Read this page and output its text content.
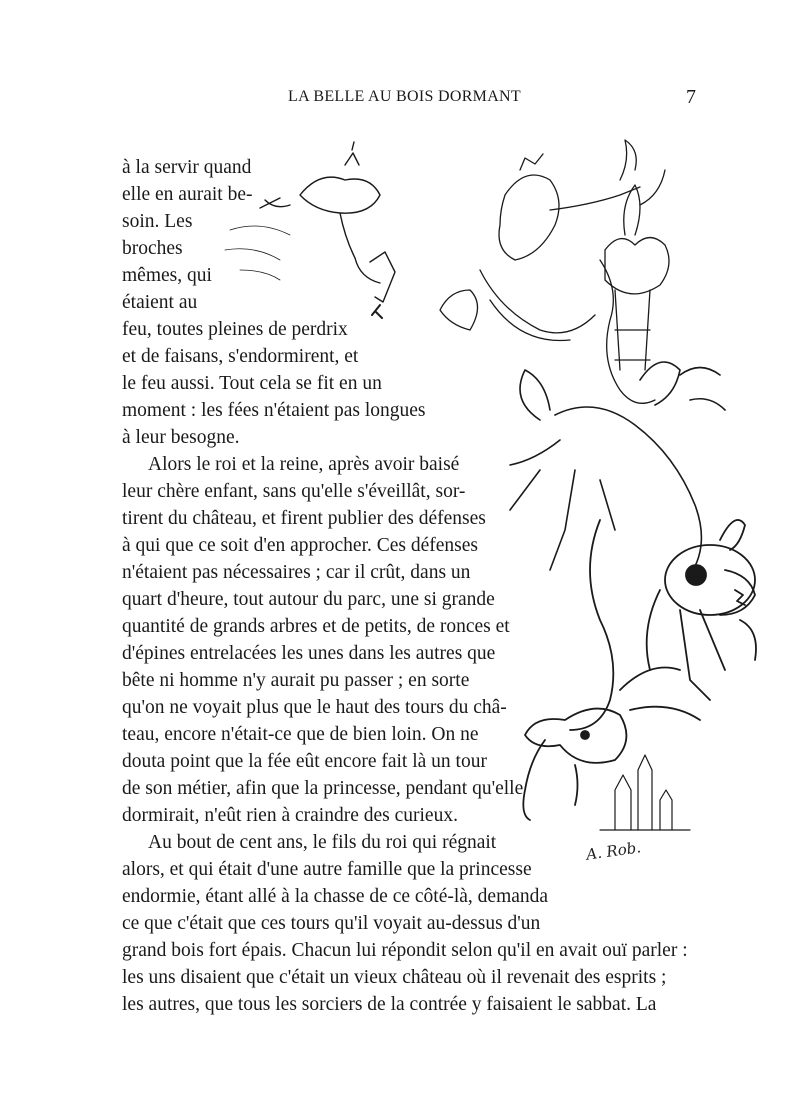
LA BELLE AU BOIS DORMANT	7
A. Rob.
à la servir quand
elle en aurait be-
soin. Les
broches
mêmes, qui
étaient au
feu, toutes pleines de perdrix
et de faisans, s'endormirent, et
le feu aussi. Tout cela se fit en un
moment : les fées n'étaient pas longues
à leur besogne.
Alors le roi et la reine, après avoir baisé
leur chère enfant, sans qu'elle s'éveillât, sor-
tirent du château, et firent publier des défenses
à qui que ce soit d'en approcher. Ces défenses
n'étaient pas nécessaires ; car il crût, dans un
quart d'heure, tout autour du parc, une si grande
quantité de grands arbres et de petits, de ronces et
d'épines entrelacées les unes dans les autres que
bête ni homme n'y aurait pu passer ; en sorte
qu'on ne voyait plus que le haut des tours du châ-
teau, encore n'était-ce que de bien loin. On ne
douta point que la fée eût encore fait là un tour
de son métier, afin que la princesse, pendant qu'elle
dormirait, n'eût rien à craindre des curieux.
Au bout de cent ans, le fils du roi qui régnait
alors, et qui était d'une autre famille que la princesse
endormie, étant allé à la chasse de ce côté-là, demanda
ce que c'était que ces tours qu'il voyait au-dessus d'un
grand bois fort épais. Chacun lui répondit selon qu'il en avait ouï parler :
les uns disaient que c'était un vieux château où il revenait des esprits ;
les autres, que tous les sorciers de la contrée y faisaient le sabbat. La
